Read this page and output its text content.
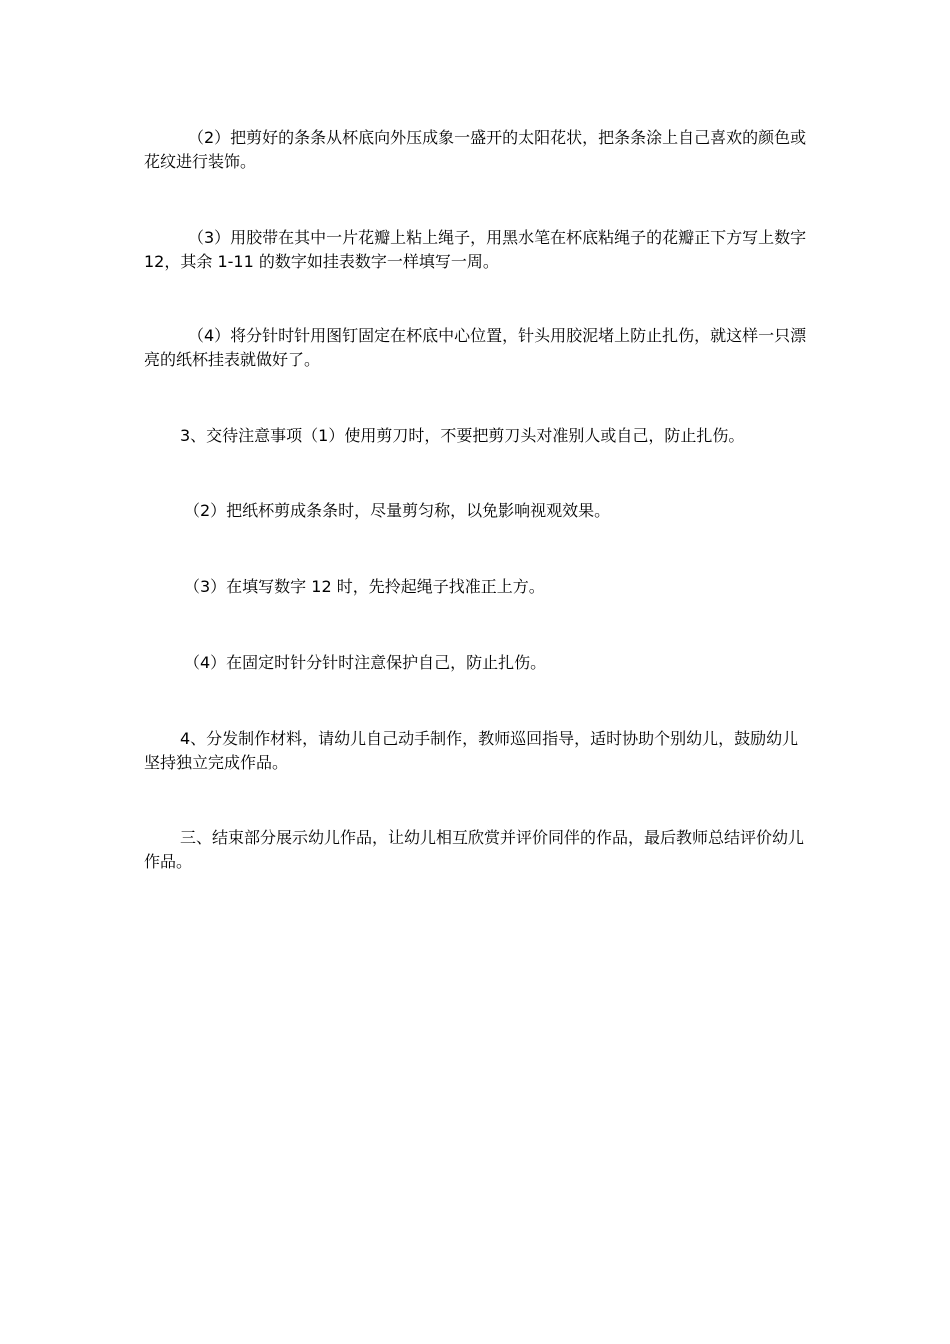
（2）把剪好的条条从杯底向外压成象一盛开的太阳花状，把条条涂上自己喜欢的颜色或花纹进行装饰。

（3）用胶带在其中一片花瓣上粘上绳子，用黑水笔在杯底粘绳子的花瓣正下方写上数字 12，其余 1-11 的数字如挂表数字一样填写一周。

（4）将分针时针用图钉固定在杯底中心位置，针头用胶泥堵上防止扎伤，就这样一只漂亮的纸杯挂表就做好了。

3、交待注意事项（1）使用剪刀时，不要把剪刀头对准别人或自己，防止扎伤。

（2）把纸杯剪成条条时，尽量剪匀称，以免影响视观效果。

（3）在填写数字 12 时，先拎起绳子找准正上方。

（4）在固定时针分针时注意保护自己，防止扎伤。

4、分发制作材料，请幼儿自己动手制作，教师巡回指导，适时协助个别幼儿，鼓励幼儿坚持独立完成作品。

三、结束部分展示幼儿作品，让幼儿相互欣赏并评价同伴的作品，最后教师总结评价幼儿作品。
